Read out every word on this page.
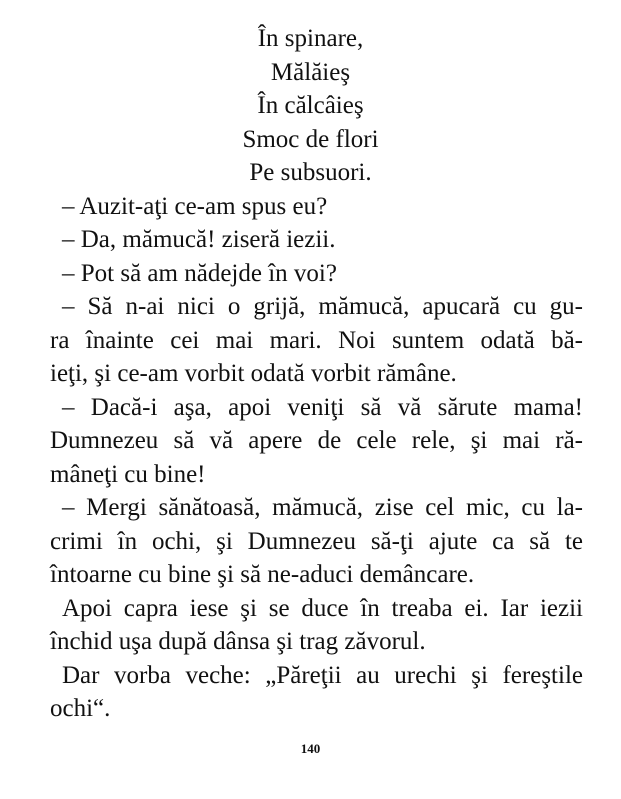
În spinare,
Mălăieş
În călcâieş
Smoc de flori
Pe subsuori.
– Auzit-aţi ce-am spus eu?
– Da, mămucă! ziseră iezii.
– Pot să am nădejde în voi?
– Să n-ai nici o grijă, mămucă, apucară cu gu-
ra înainte cei mai mari. Noi suntem odată bă-
ieţi, şi ce-am vorbit odată vorbit rămâne.
– Dacă-i aşa, apoi veniţi să vă sărute mama!
Dumnezeu să vă apere de cele rele, şi mai ră-
mâneţi cu bine!
– Mergi sănătoasă, mămucă, zise cel mic, cu la-
crimi în ochi, şi Dumnezeu să-ţi ajute ca să te
întoarne cu bine şi să ne-aduci demâncare.
Apoi capra iese şi se duce în treaba ei. Iar iezii
închid uşa după dânsa şi trag zăvorul.
Dar vorba veche: „Păreţii au urechi şi fereştile
ochi“.
140
